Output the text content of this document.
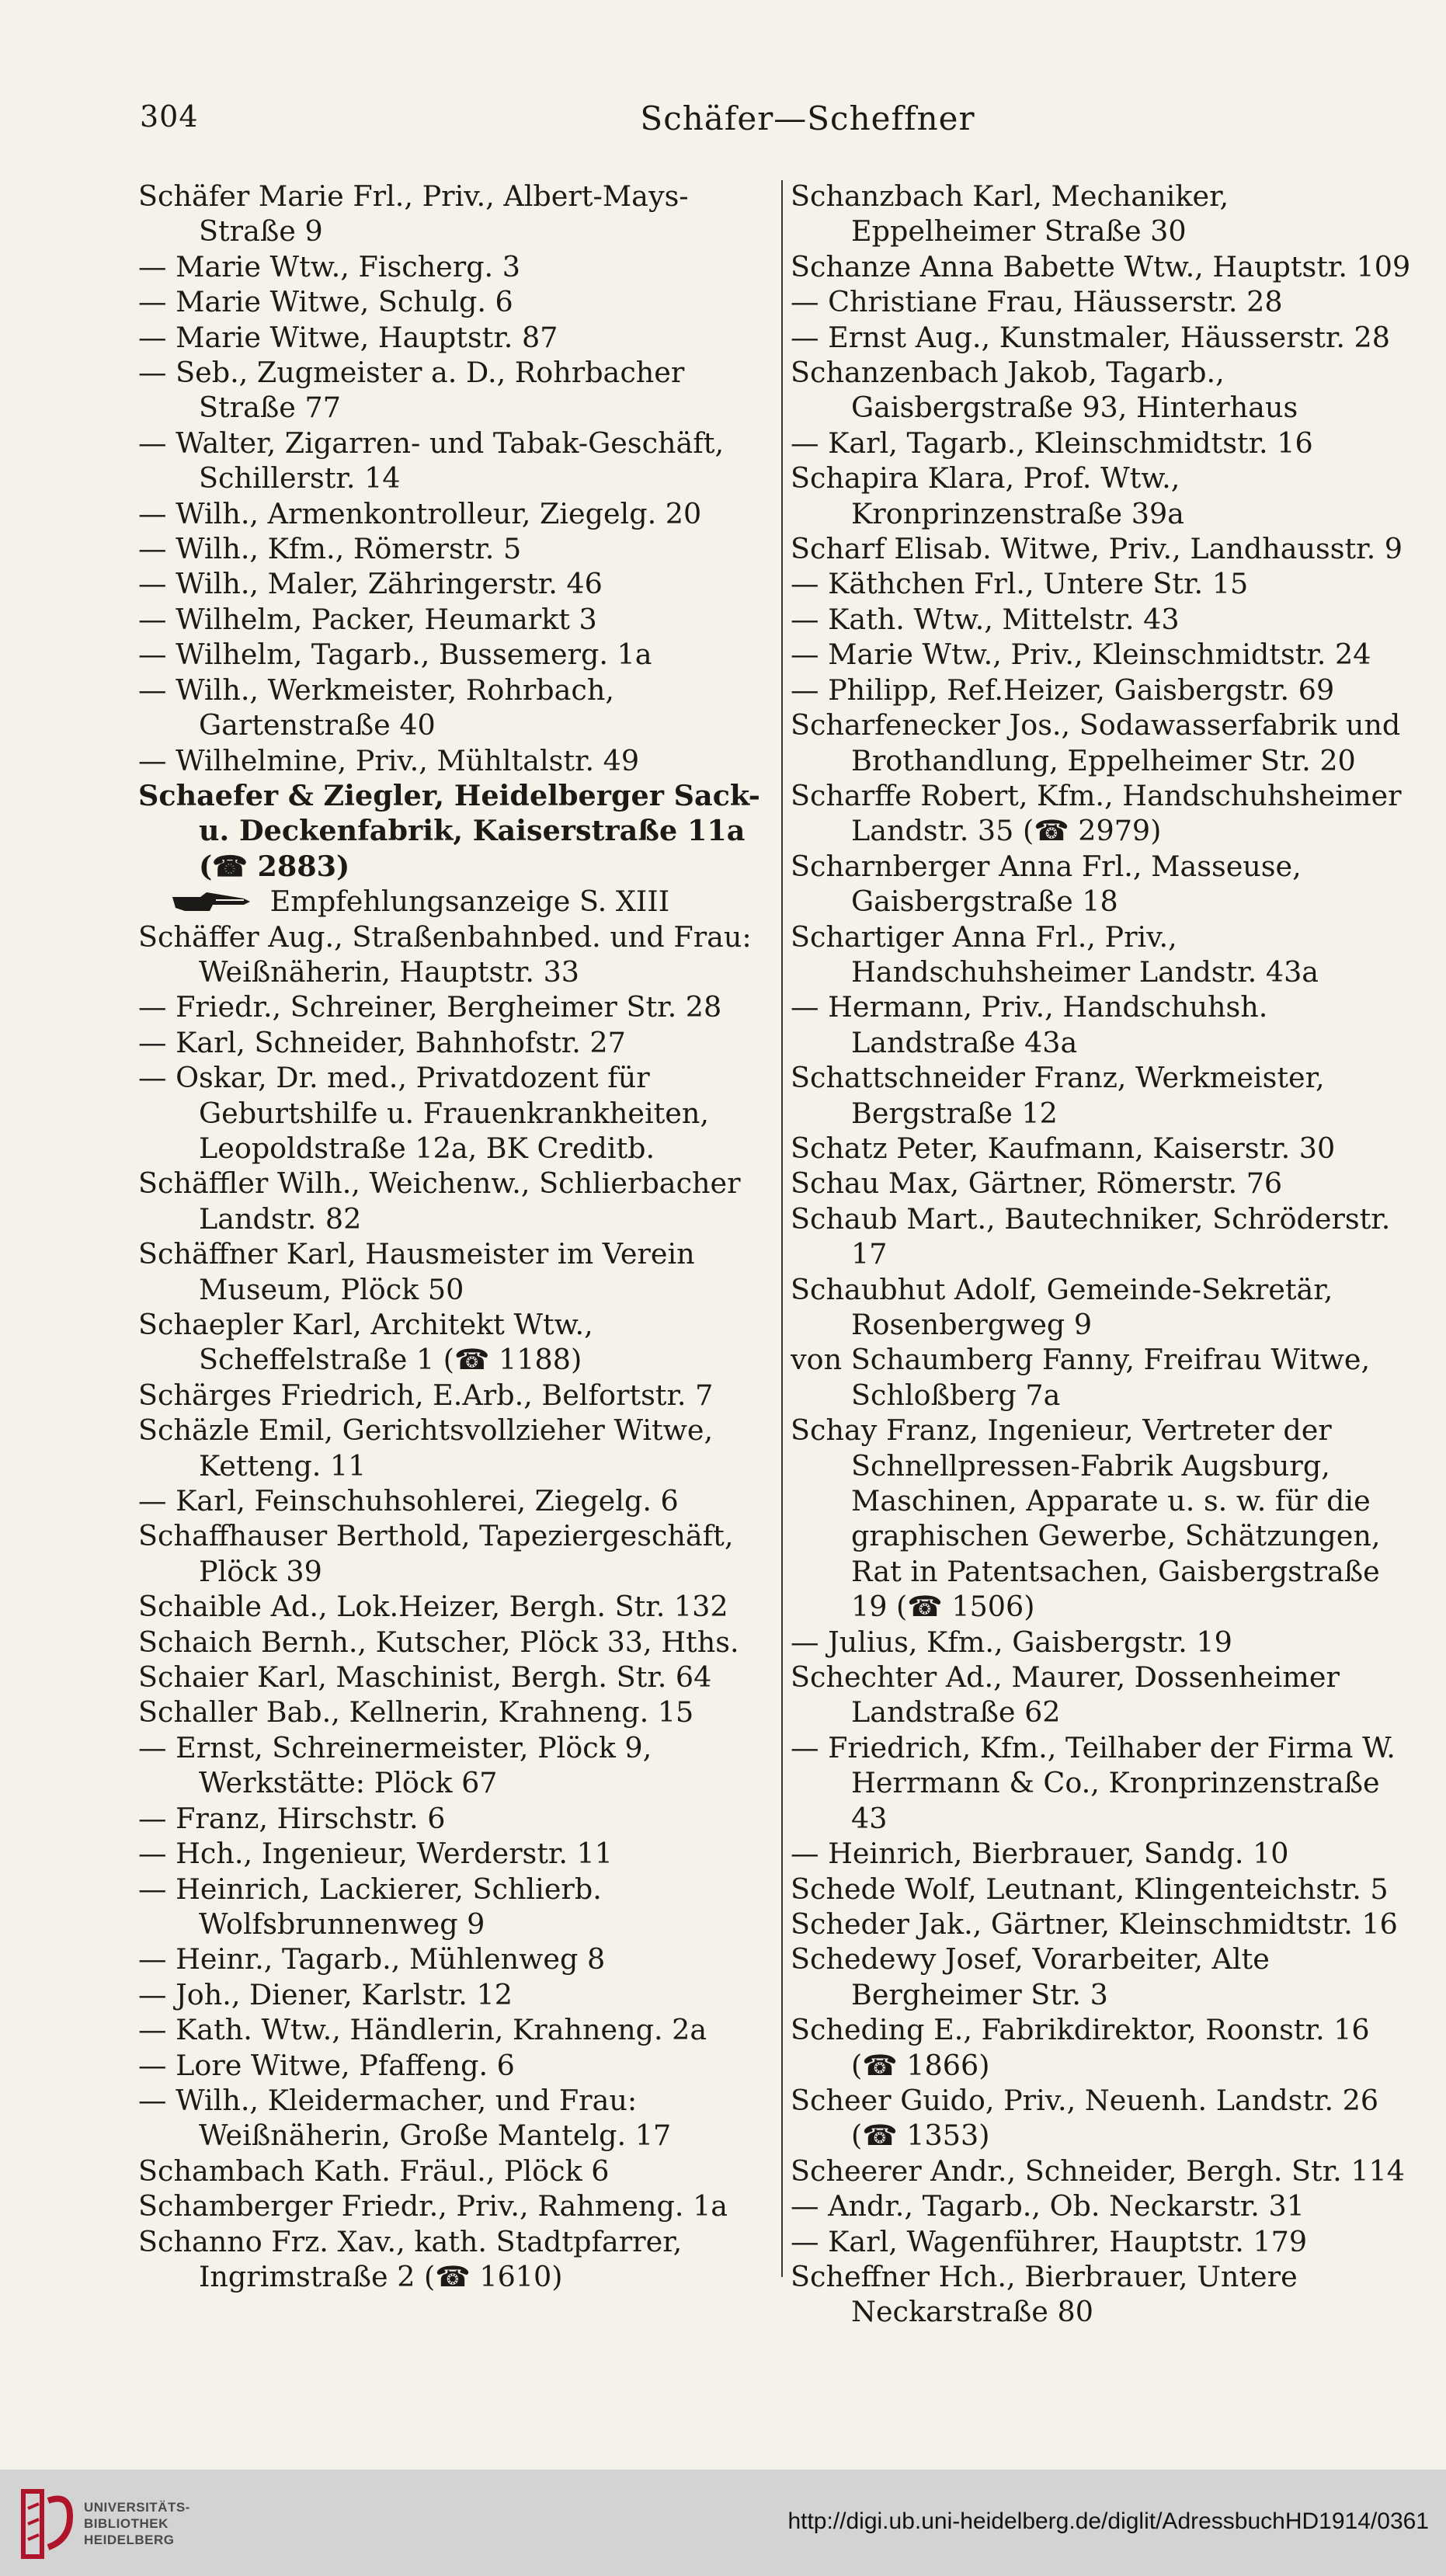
304	Schäfer—Scheffner
Schäfer Marie Frl., Priv., Albert-Mays-Straße 9
— Marie Wtw., Fischerg. 3
— Marie Witwe, Schulg. 6
— Marie Witwe, Hauptstr. 87
— Seb., Zugmeister a. D., Rohrbacher Straße 77
— Walter, Zigarren- und Tabak-Geschäft, Schillerstr. 14
— Wilh., Armenkontrolleur, Ziegelg. 20
— Wilh., Kfm., Römerstr. 5
— Wilh., Maler, Zähringerstr. 46
— Wilhelm, Packer, Heumarkt 3
— Wilhelm, Tagarb., Bussemerg. 1a
— Wilh., Werkmeister, Rohrbach, Gartenstraße 40
— Wilhelmine, Priv., Mühltalstr. 49
Schaefer & Ziegler, Heidelberger Sack- u. Deckenfabrik, Kaiserstraße 11a (☎ 2883)
Empfehlungsanzeige S. XIII
Schäffer Aug., Straßenbahnbed. und Frau: Weißnäherin, Hauptstr. 33
— Friedr., Schreiner, Bergheimer Str. 28
— Karl, Schneider, Bahnhofstr. 27
— Oskar, Dr. med., Privatdozent für Geburtshilfe u. Frauenkrankheiten, Leopoldstraße 12a, BK Creditb.
Schäffler Wilh., Weichenw., Schlierbacher Landstr. 82
Schäffner Karl, Hausmeister im Verein Museum, Plöck 50
Schaepler Karl, Architekt Wtw., Scheffelstraße 1 (☎ 1188)
Schärges Friedrich, E.Arb., Belfortstr. 7
Schäzle Emil, Gerichtsvollzieher Witwe, Ketteng. 11
— Karl, Feinschuhsohlerei, Ziegelg. 6
Schaffhauser Berthold, Tapeziergeschäft, Plöck 39
Schaible Ad., Lok.Heizer, Bergh. Str. 132
Schaich Bernh., Kutscher, Plöck 33, Hths.
Schaier Karl, Maschinist, Bergh. Str. 64
Schaller Bab., Kellnerin, Krahneng. 15
— Ernst, Schreinermeister, Plöck 9, Werkstätte: Plöck 67
— Franz, Hirschstr. 6
— Hch., Ingenieur, Werderstr. 11
— Heinrich, Lackierer, Schlierb. Wolfsbrunnenweg 9
— Heinr., Tagarb., Mühlenweg 8
— Joh., Diener, Karlstr. 12
— Kath. Wtw., Händlerin, Krahneng. 2a
— Lore Witwe, Pfaffeng. 6
— Wilh., Kleidermacher, und Frau: Weißnäherin, Große Mantelg. 17
Schambach Kath. Fräul., Plöck 6
Schamberger Friedr., Priv., Rahmeng. 1a
Schanno Frz. Xav., kath. Stadtpfarrer, Ingrimstraße 2 (☎ 1610)
Schanzbach Karl, Mechaniker, Eppelheimer Straße 30
Schanze Anna Babette Wtw., Hauptstr. 109
— Christiane Frau, Häusserstr. 28
— Ernst Aug., Kunstmaler, Häusserstr. 28
Schanzenbach Jakob, Tagarb., Gaisbergstraße 93, Hinterhaus
— Karl, Tagarb., Kleinschmidtstr. 16
Schapira Klara, Prof. Wtw., Kronprinzenstraße 39a
Scharf Elisab. Witwe, Priv., Landhausstr. 9
— Käthchen Frl., Untere Str. 15
— Kath. Wtw., Mittelstr. 43
— Marie Wtw., Priv., Kleinschmidtstr. 24
— Philipp, Ref.Heizer, Gaisbergstr. 69
Scharfenecker Jos., Sodawasserfabrik und Brothandlung, Eppelheimer Str. 20
Scharffe Robert, Kfm., Handschuhsheimer Landstr. 35 (☎ 2979)
Scharnberger Anna Frl., Masseuse, Gaisbergstraße 18
Schartiger Anna Frl., Priv., Handschuhsheimer Landstr. 43a
— Hermann, Priv., Handschuhsh. Landstraße 43a
Schattschneider Franz, Werkmeister, Bergstraße 12
Schatz Peter, Kaufmann, Kaiserstr. 30
Schau Max, Gärtner, Römerstr. 76
Schaub Mart., Bautechniker, Schröderstr. 17
Schaubhut Adolf, Gemeinde-Sekretär, Rosenbergweg 9
von Schaumberg Fanny, Freifrau Witwe, Schloßberg 7a
Schay Franz, Ingenieur, Vertreter der Schnellpressen-Fabrik Augsburg, Maschinen, Apparate u. s. w. für die graphischen Gewerbe, Schätzungen, Rat in Patentsachen, Gaisbergstraße 19 (☎ 1506)
— Julius, Kfm., Gaisbergstr. 19
Schechter Ad., Maurer, Dossenheimer Landstraße 62
— Friedrich, Kfm., Teilhaber der Firma W. Herrmann & Co., Kronprinzenstraße 43
— Heinrich, Bierbrauer, Sandg. 10
Schede Wolf, Leutnant, Klingenteichstr. 5
Scheder Jak., Gärtner, Kleinschmidtstr. 16
Schedewy Josef, Vorarbeiter, Alte Bergheimer Str. 3
Scheding E., Fabrikdirektor, Roonstr. 16 (☎ 1866)
Scheer Guido, Priv., Neuenh. Landstr. 26 (☎ 1353)
Scheerer Andr., Schneider, Bergh. Str. 114
— Andr., Tagarb., Ob. Neckarstr. 31
— Karl, Wagenführer, Hauptstr. 179
Scheffner Hch., Bierbrauer, Untere Neckarstraße 80
UNIVERSITÄTS-
BIBLIOTHEK
HEIDELBERG
http://digi.ub.uni-heidelberg.de/diglit/AdressbuchHD1914/0361
